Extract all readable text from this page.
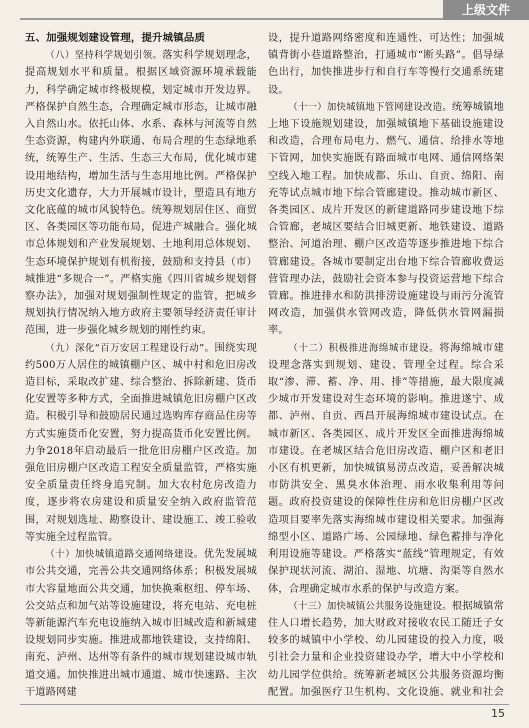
上级文件
五、加强规划建设管理，提升城镇品质

（八）坚持科学规划引领。落实科学规划理念，提高规划水平和质量。根据区域资源环境承载能力，科学确定城市终极规模，划定城市开发边界。严格保护自然生态，合理确定城市形态，让城市融入自然山水。依托山体、水系、森林与河流等自然生态资源，构建内外联通、布局合理的生态绿地系统，统筹生产、生活、生态三大布局，优化城市建设用地结构，增加生活与生态用地比例。严格保护历史文化遗存，大力开展城市设计，塑造具有地方文化底蕴的城市风貌特色。统筹规划居住区、商贸区、各类园区等功能布局，促进产城融合。强化城市总体规划和产业发展规划、土地利用总体规划、生态环境保护规划有机衔接，鼓励和支持县（市）城推进“多规合一”。严格实施《四川省城乡规划督察办法》，加强对规划强制性规定的监管，把城乡规划执行情况纳入地方政府主要领导经济责任审计范围，进一步强化城乡规划的刚性约束。

（九）深化“百万安居工程建设行动”。围绕实现约500万人居住的城镇棚户区、城中村和危旧房改造目标，采取改扩建、综合整治、拆除新建、货币化安置等多种方式，全面推进城镇危旧房棚户区改造。积极引导和鼓励居民通过选购库存商品住房等方式实施货币化安置，努力提高货币化安置比例。力争2018年启动最后一批危旧房棚户区改造。加强危旧房棚户区改造工程安全质量监管，严格实施安全质量责任终身追究制。加大农村危房改造力度，逐步将农房建设和质量安全纳入政府监管范围，对规划选址、勘察设计、建设施工、竣工验收等实施全过程监管。

（十）加快城镇道路交通网络建设。优先发展城市公共交通，完善公共交通网络体系；积极发展城市大容量地面公共交通，加快换乘枢纽、停车场、公交站点和加气站等设施建设，将充电站、充电桩等新能源汽车充电设施纳入城市旧城改造和新城建设规划同步实施。推进成都地铁建设，支持绵阳、南充、泸州、达州等有条件的城市规划建设城市轨道交通。加快推进出城市通道、城市快速路、主次干道路网建

设，提升道路网络密度和连通性、可达性；加强城镇背街小巷道路整治，打通城市“断头路”。倡导绿色出行，加快推进步行和自行车等慢行交通系统建设。

（十一）加快城镇地下管网建设改造。统筹城镇地上地下设施规划建设，加强城镇地下基础设施建设和改造，合理布局电力、燃气、通信、给排水等地下管网，加快实施既有路面城市电网、通信网络架空线入地工程。加快成都、乐山、自贡、绵阳、南充等试点城市地下综合管廊建设。推动城市新区、各类园区、成片开发区的新建道路同步建设地下综合管廊，老城区要结合旧城更新、地铁建设、道路整治、河道治理、棚户区改造等逐步推进地下综合管廊建设。各城市要制定出台地下综合管廊收费运营管理办法，鼓励社会资本参与投资运营地下综合管廊。推进排水和防洪排涝设施建设与雨污分流管网改造，加强供水管网改造，降低供水管网漏损率。

（十二）积极推进海绵城市建设。将海绵城市建设理念落实到规划、建设、管理全过程。综合采取“渗、滞、蓄、净、用、排”等措施，最大限度减少城市开发建设对生态环境的影响。推进遂宁、成都、泸州、自贡、西昌开展海绵城市建设试点。在城市新区、各类园区、成片开发区全面推进海绵城市建设。在老城区结合危旧房改造、棚户区和老旧小区有机更新，加快城镇易涝点改造，妥善解决城市防洪安全、黑臭水体治理、雨水收集利用等问题。政府投资建设的保障性住房和危旧房棚户区改造项目要率先落实海绵城市建设相关要求。加强海绵型小区、道路广场、公园绿地、绿色蓄排与净化利用设施等建设。严格落实“蓝线”管理规定，有效保护现状河流、湖泊、湿地、坑塘、沟渠等自然水体，合理确定城市水系的保护与改造方案。

（十三）加快城镇公共服务设施建设。根据城镇常住人口增长趋势，加大财政对接收农民工随迁子女较多的城镇中小学校、幼儿园建设的投入力度，吸引社会力量和企业投资建设办学，增大中小学校和幼儿园学位供给。统筹新老城区公共服务资源均衡配置。加强医疗卫生机构、文化设施、就业和社会

15
